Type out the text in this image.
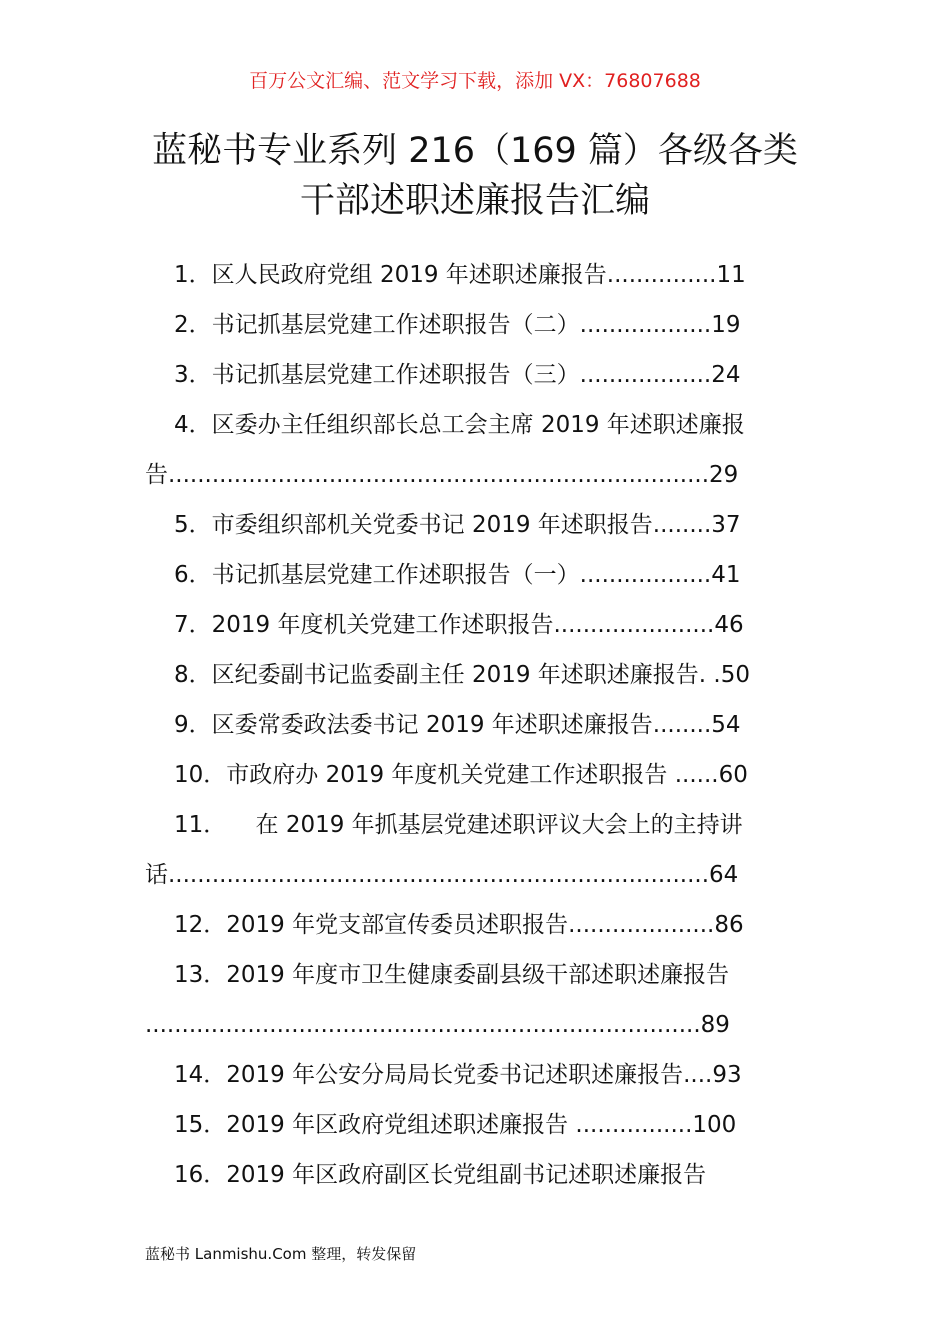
百万公文汇编、范文学习下载，添加 VX：76807688
蓝秘书专业系列 216（169 篇）各级各类
干部述职述廉报告汇编
1．区人民政府党组 2019 年述职述廉报告...............11
2．书记抓基层党建工作述职报告（二）..................19
3．书记抓基层党建工作述职报告（三）..................24
4．区委办主任组织部长总工会主席 2019 年述职述廉报
告..........................................................................29
5．市委组织部机关党委书记 2019 年述职报告........37
6．书记抓基层党建工作述职报告（一）..................41
7．2019 年度机关党建工作述职报告......................46
8．区纪委副书记监委副主任 2019 年述职述廉报告. .50
9．区委常委政法委书记 2019 年述职述廉报告........54
10．市政府办 2019 年度机关党建工作述职报告 ......60
11．    在 2019 年抓基层党建述职评议大会上的主持讲
话..........................................................................64
12．2019 年党支部宣传委员述职报告....................86
13．2019 年度市卫生健康委副县级干部述职述廉报告
............................................................................89
14．2019 年公安分局局长党委书记述职述廉报告....93
15．2019 年区政府党组述职述廉报告 ................100
16．2019 年区政府副区长党组副书记述职述廉报告
蓝秘书 Lanmishu.Com 整理，转发保留
